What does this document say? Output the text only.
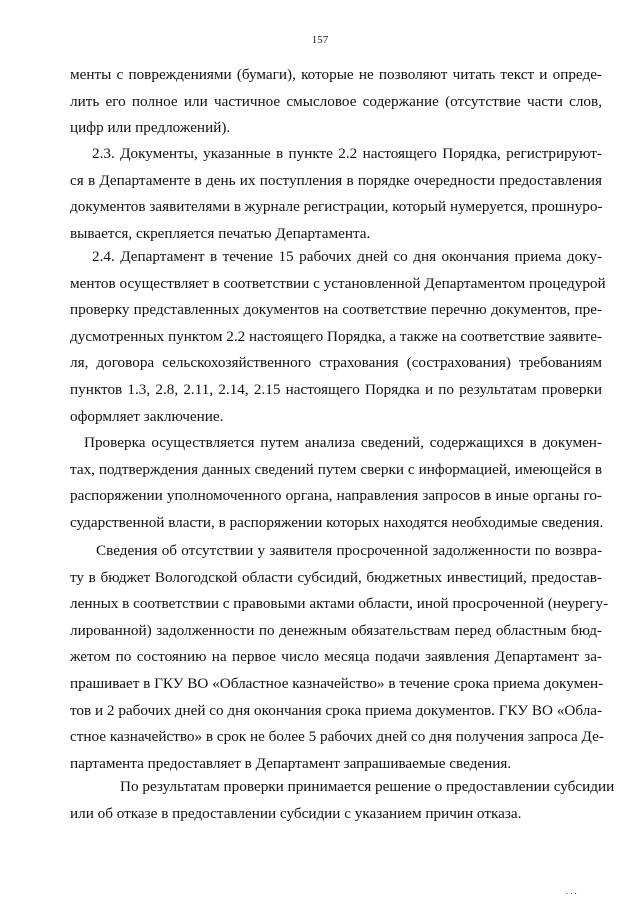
157
менты с повреждениями (бумаги), которые не позволяют читать текст и опреде-
лить его полное или частичное смысловое содержание (отсутствие части слов,
цифр или предложений).
2.3. Документы, указанные в пункте 2.2 настоящего Порядка, регистрируют-
ся в Департаменте в день их поступления в порядке очередности предоставления
документов заявителями в журнале регистрации, который нумеруется, прошнуро-
вывается, скрепляется печатью Департамента.
2.4. Департамент в течение 15 рабочих дней со дня окончания приема доку-
ментов осуществляет в соответствии с установленной Департаментом процедурой
проверку представленных документов на соответствие перечню документов, пре-
дусмотренных пунктом 2.2 настоящего Порядка, а также на соответствие заявите-
ля, договора сельскохозяйственного страхования (сострахования) требованиям
пунктов 1.3, 2.8, 2.11, 2.14, 2.15 настоящего Порядка и по результатам проверки
оформляет заключение.
Проверка осуществляется путем анализа сведений, содержащихся в докумен-
тах, подтверждения данных сведений путем сверки с информацией, имеющейся в
распоряжении уполномоченного органа, направления запросов в иные органы го-
сударственной власти, в распоряжении которых находятся необходимые сведения.
Сведения об отсутствии у заявителя просроченной задолженности по возвра-
ту в бюджет Вологодской области субсидий, бюджетных инвестиций, предостав-
ленных в соответствии с правовыми актами области, иной просроченной (неурегу-
лированной) задолженности по денежным обязательствам перед областным бюд-
жетом по состоянию на первое число месяца подачи заявления Департамент за-
прашивает в ГКУ ВО «Областное казначейство» в течение срока приема докумен-
тов и 2 рабочих дней со дня окончания срока приема документов. ГКУ ВО «Обла-
стное казначейство» в срок не более 5 рабочих дней со дня получения запроса Де-
партамента предоставляет в Департамент запрашиваемые сведения.
По результатам проверки принимается решение о предоставлении субсидии
или об отказе в предоставлении субсидии с указанием причин отказа.
...
